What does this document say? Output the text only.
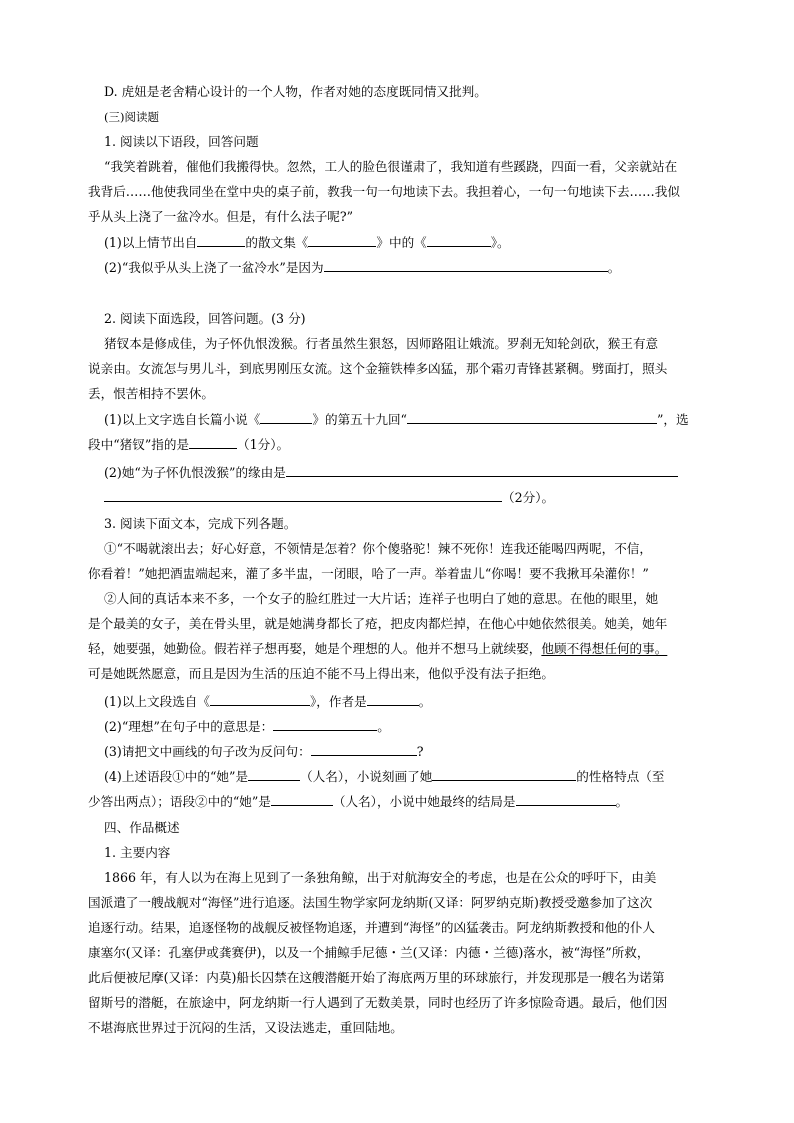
D. 虎妞是老舍精心设计的一个人物，作者对她的态度既同情又批判。
(三)阅读题
1. 阅读以下语段，回答问题
“我笑着跳着，催他们我搬得快。忽然，工人的脸色很谨肃了，我知道有些蹊跷，四面一看，父亲就站在
我背后……他使我同坐在堂中央的桌子前，教我一句一句地读下去。我担着心，一句一句地读下去……我似
乎从头上浇了一盆冷水。但是，有什么法子呢?”
(1)以上情节出自	的散文集《	》中的《	》。
(2)“我似乎从头上浇了一盆冷水”是因为	。
2. 阅读下面选段，回答问题。(3 分)
猪钗本是修成佳，为子怀仇恨泼猴。行者虽然生狠怒，因师路阻让娥流。罗刹无知轮剑砍，猴王有意
说亲由。女流怎与男儿斗，到底男刚压女流。这个金箍铁棒多凶猛，那个霜刃青锋甚紧稠。劈面打，照头
丢，恨苦相持不罢休。
(1)以上文字选自长篇小说《	》的第五十九回“	”，选
段中“猪钗”指的是	（1分）。
(2)她“为子怀仇恨泼猴”的缘由是
（2分）。
3. 阅读下面文本，完成下列各题。
①“不喝就滚出去；好心好意，不领情是怎着？你个傻骆驼！辣不死你！连我还能喝四两呢，不信，
你看着！”她把酒盅端起来，灌了多半盅，一闭眼，哈了一声。举着盅儿“你喝！要不我揪耳朵灌你！”
②人间的真话本来不多，一个女子的脸红胜过一大片话；连祥子也明白了她的意思。在他的眼里，她
是个最美的女子，美在骨头里，就是她满身都长了疮，把皮肉都烂掉，在他心中她依然很美。她美，她年
轻，她要强，她勤俭。假若祥子想再娶，她是个理想的人。他并不想马上就续娶，他顾不得想任何的事。
可是她既然愿意，而且是因为生活的压迫不能不马上得出来，他似乎没有法子拒绝。
(1)以上文段选自《	》，作者是	。
(2)“理想”在句子中的意思是：	。
(3)请把文中画线的句子改为反问句：	?
(4)上述语段①中的“她”是	（人名），小说刻画了她	的性格特点（至
少答出两点）；语段②中的“她”是	（人名），小说中她最终的结局是	。
四、作品概述
1. 主要内容
1866 年，有人以为在海上见到了一条独角鲸，出于对航海安全的考虑，也是在公众的呼吁下，由美
国派遣了一艘战舰对“海怪”进行追逐。法国生物学家阿龙纳斯(又译：阿罗纳克斯)教授受邀参加了这次
追逐行动。结果，追逐怪物的战舰反被怪物追逐，并遭到“海怪”的凶猛袭击。阿龙纳斯教授和他的仆人
康塞尔(又译：孔塞伊或龚赛伊)，以及一个捕鲸手尼德・兰(又译：内德・兰德)落水，被“海怪”所救，
此后便被尼摩(又译：内莫)船长囚禁在这艘潜艇开始了海底两万里的环球旅行，并发现那是一艘名为诺第
留斯号的潜艇，在旅途中，阿龙纳斯一行人遇到了无数美景，同时也经历了许多惊险奇遇。最后，他们因
不堪海底世界过于沉闷的生活，又设法逃走，重回陆地。
